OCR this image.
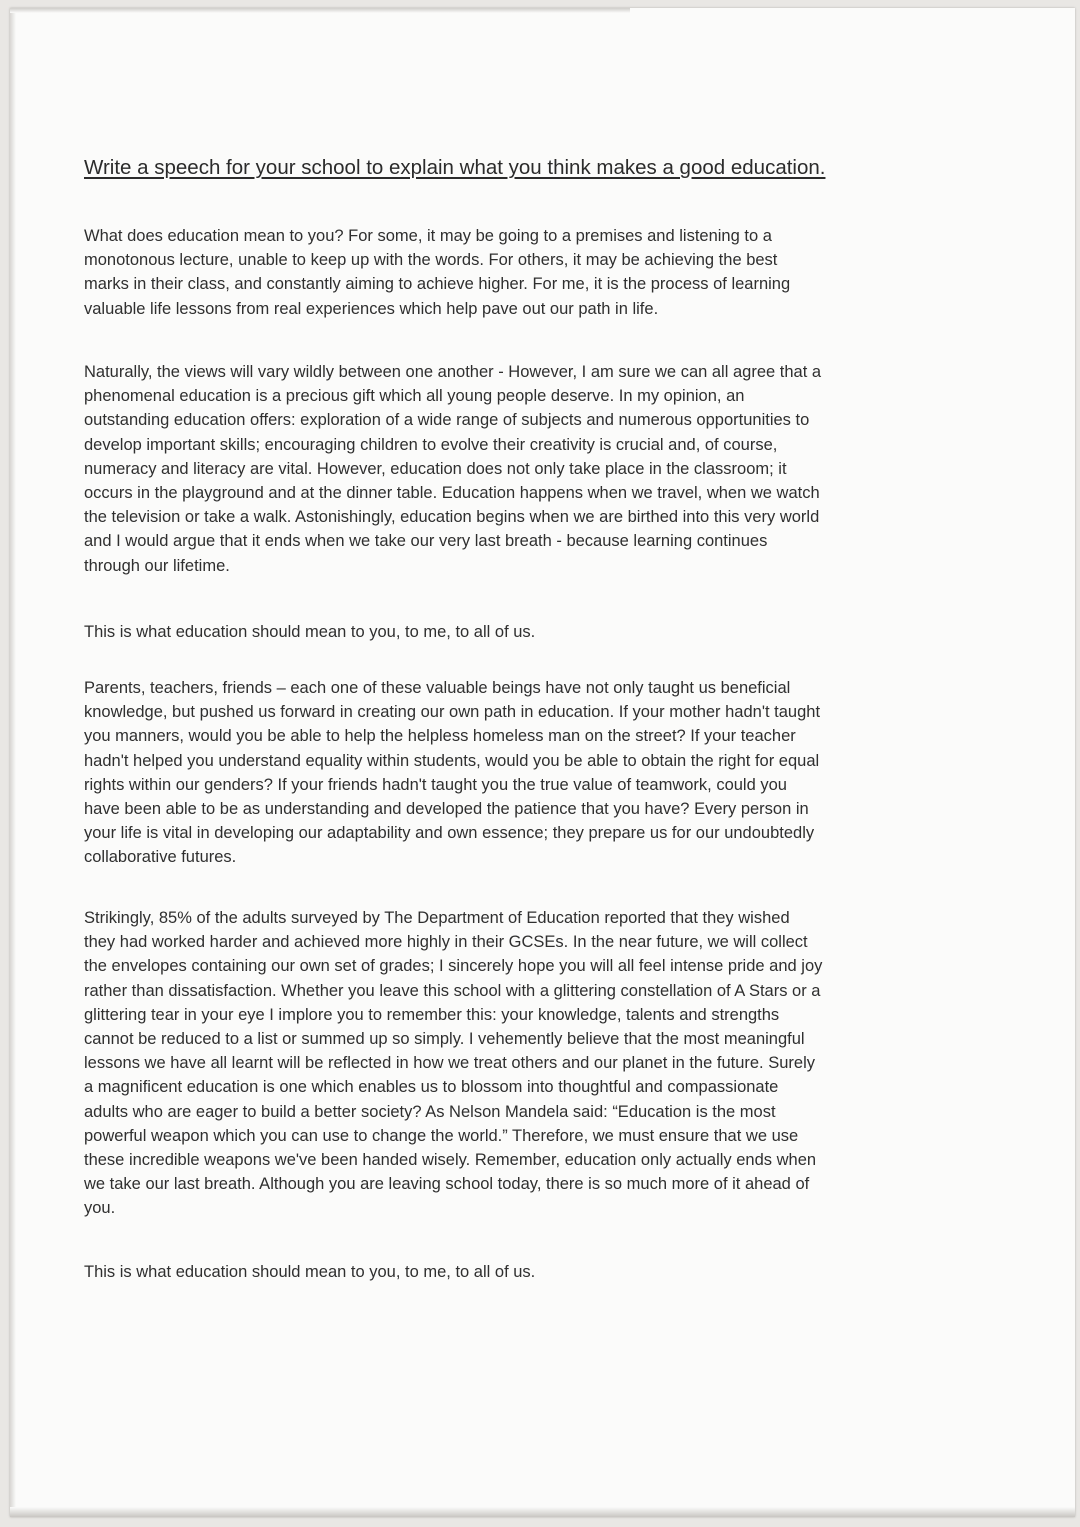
Write a speech for your school to explain what you think makes a good education.

What does education mean to you? For some, it may be going to a premises and listening to a
monotonous lecture, unable to keep up with the words. For others, it may be achieving the best
marks in their class, and constantly aiming to achieve higher. For me, it is the process of learning
valuable life lessons from real experiences which help pave out our path in life.

Naturally, the views will vary wildly between one another - However, I am sure we can all agree that a
phenomenal education is a precious gift which all young people deserve. In my opinion, an
outstanding education offers: exploration of a wide range of subjects and numerous opportunities to
develop important skills; encouraging children to evolve their creativity is crucial and, of course,
numeracy and literacy are vital. However, education does not only take place in the classroom; it
occurs in the playground and at the dinner table. Education happens when we travel, when we watch
the television or take a walk. Astonishingly, education begins when we are birthed into this very world
and I would argue that it ends when we take our very last breath - because learning continues
through our lifetime.

This is what education should mean to you, to me, to all of us.

Parents, teachers, friends – each one of these valuable beings have not only taught us beneficial
knowledge, but pushed us forward in creating our own path in education. If your mother hadn't taught
you manners, would you be able to help the helpless homeless man on the street? If your teacher
hadn't helped you understand equality within students, would you be able to obtain the right for equal
rights within our genders? If your friends hadn't taught you the true value of teamwork, could you
have been able to be as understanding and developed the patience that you have? Every person in
your life is vital in developing our adaptability and own essence; they prepare us for our undoubtedly
collaborative futures.

Strikingly, 85% of the adults surveyed by The Department of Education reported that they wished
they had worked harder and achieved more highly in their GCSEs. In the near future, we will collect
the envelopes containing our own set of grades; I sincerely hope you will all feel intense pride and joy
rather than dissatisfaction. Whether you leave this school with a glittering constellation of A Stars or a
glittering tear in your eye I implore you to remember this: your knowledge, talents and strengths
cannot be reduced to a list or summed up so simply. I vehemently believe that the most meaningful
lessons we have all learnt will be reflected in how we treat others and our planet in the future. Surely
a magnificent education is one which enables us to blossom into thoughtful and compassionate
adults who are eager to build a better society? As Nelson Mandela said: “Education is the most
powerful weapon which you can use to change the world.” Therefore, we must ensure that we use
these incredible weapons we've been handed wisely. Remember, education only actually ends when
we take our last breath. Although you are leaving school today, there is so much more of it ahead of
you.

This is what education should mean to you, to me, to all of us.
